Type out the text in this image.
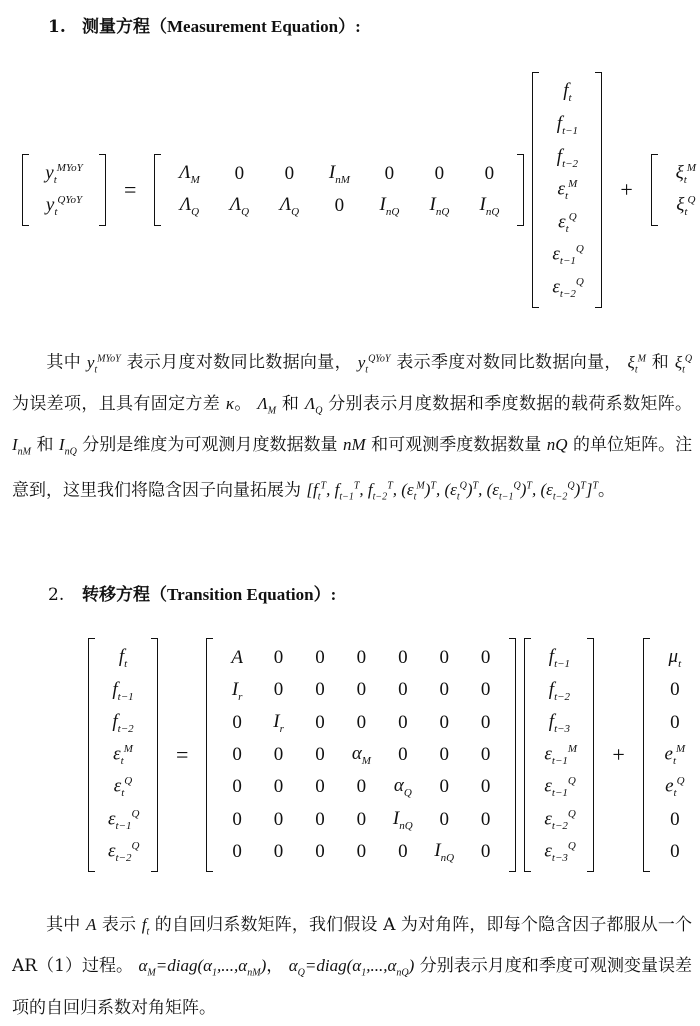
1. 测量方程（Measurement Equation）:
$y_t^{MYoY}$
$y_t^{QYoY}$	=
$\Lambda_M$	0	0	$I_{nM}$	0	0	0
$\Lambda_Q$	$\Lambda_Q$	$\Lambda_Q$	0	$I_{nQ}$	$I_{nQ}$	$I_{nQ}$
$f_t$
$f_{t-1}$
$f_{t-2}$
$\varepsilon_t^M$
$\varepsilon_t^Q$
$\varepsilon_{t-1}^Q$
$\varepsilon_{t-2}^Q$
+
$\xi_t^M$
$\xi_t^Q$
其中 $y_t^{MYoY}$ 表示月度对数同比数据向量， $y_t^{QYoY}$ 表示季度对数同比数据向量， $\xi_t^M$ 和 $\xi_t^Q$ 为误差项，且具有固定方差 κ。 $\Lambda_M$ 和 $\Lambda_Q$ 分别表示月度数据和季度数据的载荷系数矩阵。 $I_{nM}$ 和 $I_{nQ}$ 分别是维度为可观测月度数据数量 nM 和可观测季度数据数量 nQ 的单位矩阵。注意到，这里我们将隐含因子向量拓展为 [$f_t^T$, $f_{t-1}^T$, $f_{t-2}^T$, $(\varepsilon_t^M)^T$, $(\varepsilon_t^Q)^T$, $(\varepsilon_{t-1}^Q)^T$, $(\varepsilon_{t-2}^Q)^T]^T$。
2. 转移方程（Transition Equation）:
$f_t$
$f_{t-1}$
$f_{t-2}$
$\varepsilon_t^M$
$\varepsilon_t^Q$
$\varepsilon_{t-1}^Q$
$\varepsilon_{t-2}^Q$
=
A	0	0	0	0	0	0
$I_r$	0	0	0	0	0	0
0	$I_r$	0	0	0	0	0
0	0	0	$\alpha_M$	0	0	0
0	0	0	0	$\alpha_Q$	0	0
0	0	0	0	$I_{nQ}$	0	0
0	0	0	0	0	$I_{nQ}$	0
$f_{t-1}$
$f_{t-2}$
$f_{t-3}$
$\varepsilon_{t-1}^M$
$\varepsilon_{t-1}^Q$
$\varepsilon_{t-2}^Q$
$\varepsilon_{t-3}^Q$
+
$\mu_t$
0
0
$e_t^M$
$e_t^Q$
0
0
其中 A 表示 $f_t$ 的自回归系数矩阵，我们假设 A 为对角阵，即每个隐含因子都服从一个 AR（1）过程。 $\alpha_M=diag(\alpha_1,...,\alpha_{nM})$， $\alpha_Q=diag(\alpha_1,...,\alpha_{nQ})$ 分别表示月度和季度可观测变量误差项的自回归系数对角矩阵。
